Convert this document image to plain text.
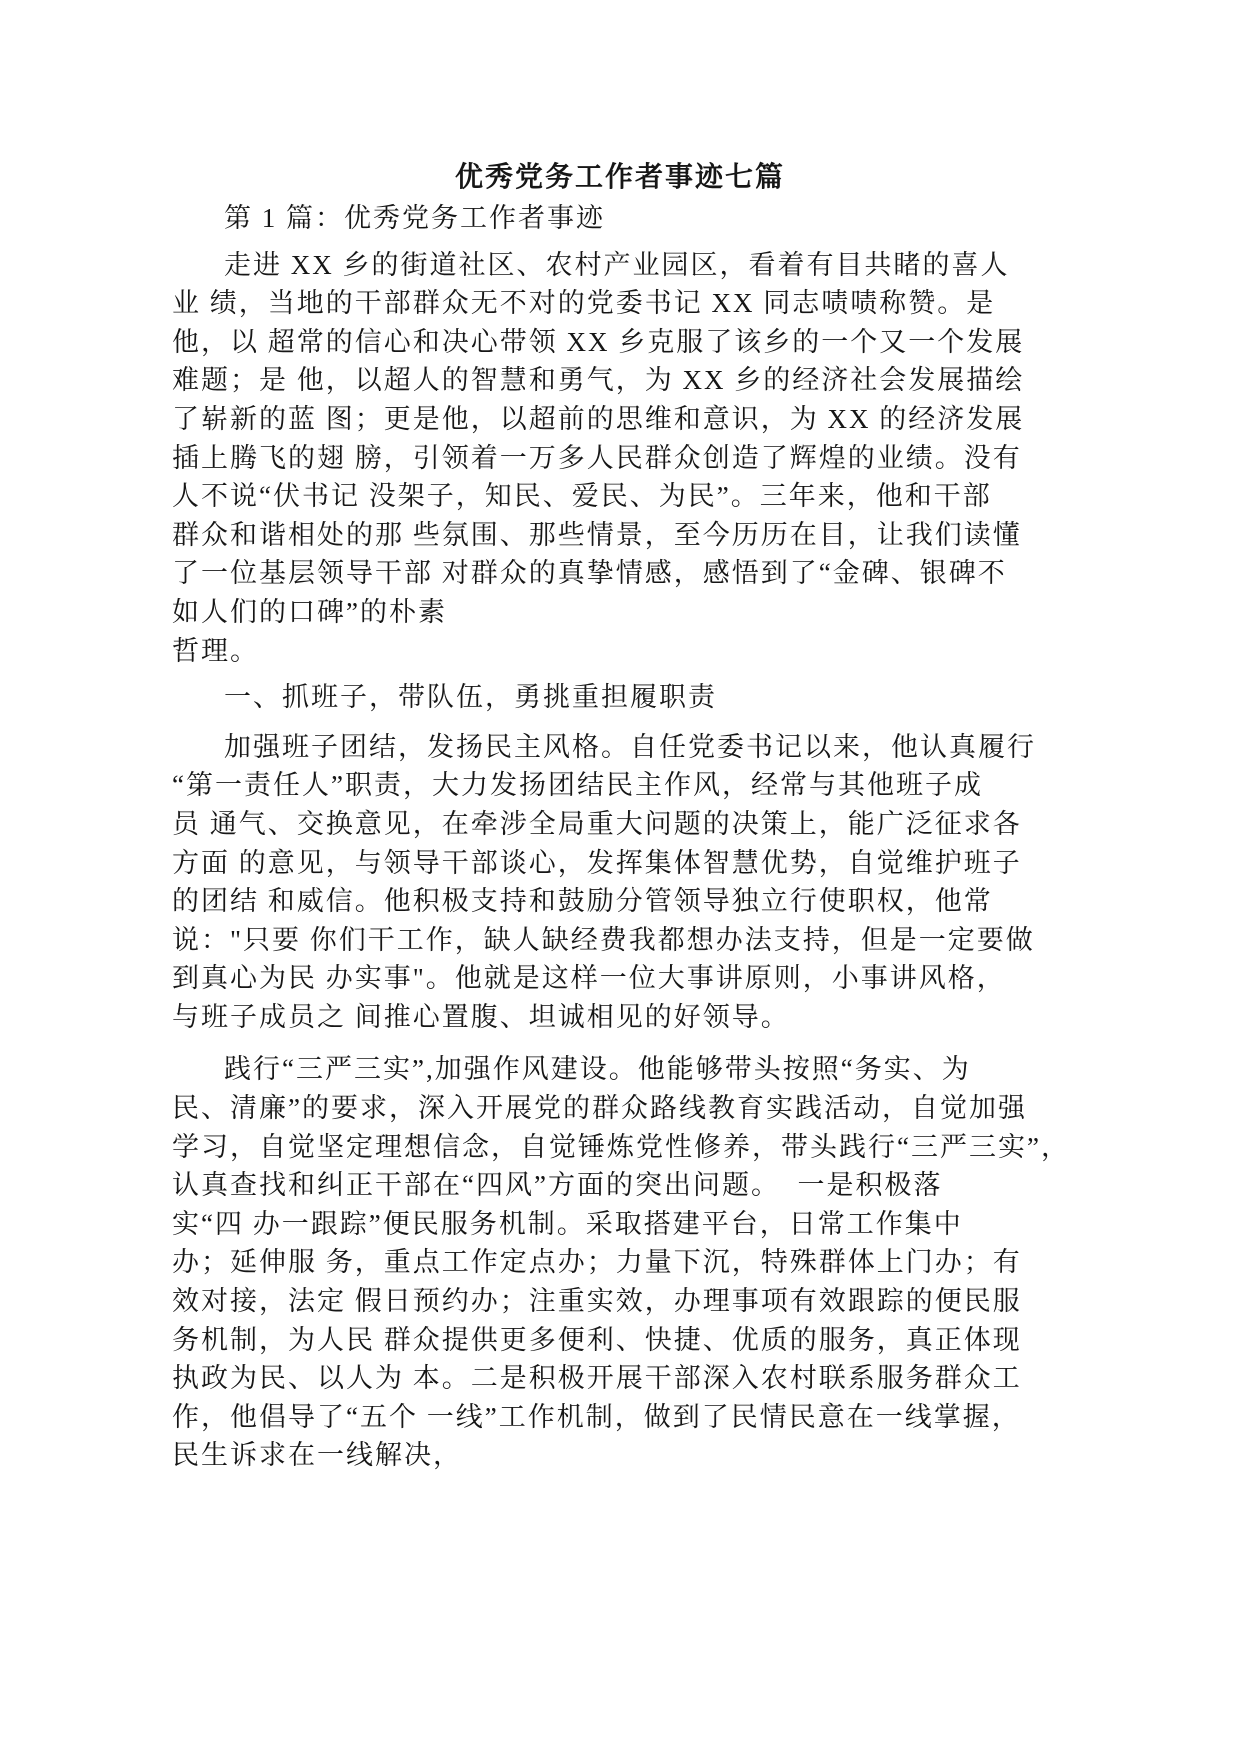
优秀党务工作者事迹七篇
第 1 篇：优秀党务工作者事迹
走进 XX 乡的街道社区、农村产业园区，看着有目共睹的喜人
业 绩，当地的干部群众无不对的党委书记 XX 同志啧啧称赞。是
他，以 超常的信心和决心带领 XX 乡克服了该乡的一个又一个发展
难题；是 他，以超人的智慧和勇气，为 XX 乡的经济社会发展描绘
了崭新的蓝 图；更是他，以超前的思维和意识，为 XX 的经济发展
插上腾飞的翅 膀，引领着一万多人民群众创造了辉煌的业绩。没有
人不说“伏书记 没架子，知民、爱民、为民”。三年来，他和干部
群众和谐相处的那 些氛围、那些情景，至今历历在目，让我们读懂
了一位基层领导干部 对群众的真挚情感，感悟到了“金碑、银碑不
如人们的口碑”的朴素
哲理。
一、抓班子，带队伍，勇挑重担履职责
加强班子团结，发扬民主风格。自任党委书记以来，他认真履行
“第一责任人”职责，大力发扬团结民主作风，经常与其他班子成
员 通气、交换意见，在牵涉全局重大问题的决策上，能广泛征求各
方面 的意见，与领导干部谈心，发挥集体智慧优势，自觉维护班子
的团结 和威信。他积极支持和鼓励分管领导独立行使职权，他常
说："只要 你们干工作，缺人缺经费我都想办法支持，但是一定要做
到真心为民 办实事"。他就是这样一位大事讲原则，小事讲风格，
与班子成员之 间推心置腹、坦诚相见的好领导。
践行“三严三实”,加强作风建设。他能够带头按照“务实、为
民、清廉”的要求，深入开展党的群众路线教育实践活动，自觉加强
学习，自觉坚定理想信念，自觉锤炼党性修养，带头践行“三严三实”，
认真查找和纠正干部在“四风”方面的突出问题。  一是积极落
实“四 办一跟踪”便民服务机制。采取搭建平台，日常工作集中
办；延伸服 务，重点工作定点办；力量下沉，特殊群体上门办；有
效对接，法定 假日预约办；注重实效，办理事项有效跟踪的便民服
务机制，为人民 群众提供更多便利、快捷、优质的服务，真正体现
执政为民、以人为 本。二是积极开展干部深入农村联系服务群众工
作，他倡导了“五个 一线”工作机制，做到了民情民意在一线掌握，
民生诉求在一线解决，
